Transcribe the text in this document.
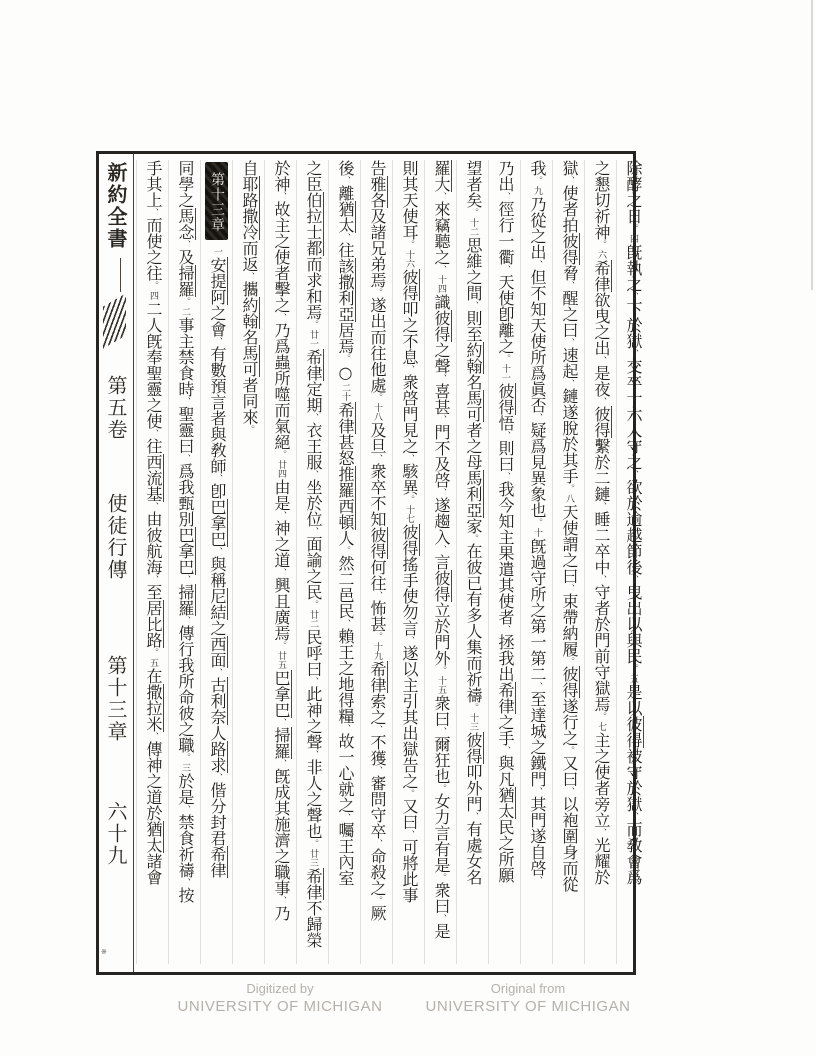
新約全書
第五卷
使徒行傳
第十三章
六十九
除酵之日。四旣執之、下於獄、交卒十六人守之、欲於逾越節後、曳出以與民。五是以彼得被守於獄、而敎會爲
之懇切祈神。六希律欲曳之出、是夜、彼得繫於二鏈、睡二卒中、守者於門前守獄焉。七主之使者旁立、光耀於
獄、使者拍彼得脅、醒之曰、速起、鏈遂脫於其手。八天使謂之曰、束帶納履。彼得遂行之。又曰、以袍圍身而從
我。九乃從之出、但不知天使所爲眞否、疑爲見異象也。十旣過守所之第一第二、至達城之鐵門、其門遂自啓、
乃出、徑行一衢、天使卽離之。十一彼得悟、則曰、我今知主果遣其使者、拯我出希律之手、與凡猶太民之所願
望者矣。十二思維之間、則至約翰名馬可者之母馬利亞家。在彼已有多人集而祈禱。十三彼得叩外門、有處女名
羅大、來竊聽之、十四識彼得之聲、喜甚、門不及啓、遂趨入、言彼得立於門外。十五衆曰、爾狂也。女力言有是。衆曰、是
則其天使耳。十六彼得叩之不息、衆啓門見之、駭異。十七彼得搖手使勿言、遂以主引其出獄告之。又曰、可將此事
告雅各及諸兄弟焉。遂出而往他處。十八及旦、衆卒不知彼得何往、怖甚。十九希律索之、不獲、審問守卒、命殺之。厥
後、離猶太、往該撒利亞居焉。○二十希律甚怒推羅西頓人。然二邑民、賴王之地得糧、故一心就之、囑王內室
之臣伯拉士都而求和焉。廿一希律定期、衣王服、坐於位、面諭之民。廿二民呼曰、此神之聲、非人之聲也。廿三希律不歸榮
於神、故主之使者擊之、乃爲蟲所噬而氣絕。廿四由是、神之道、興且廣焉。廿五巴拿巴、掃羅、旣成其施濟之職事、乃
自耶路撒冷而返、攜約翰名馬可者同來。
第十三章一安提阿之會、有數預言者與敎師、卽巴拿巴、與稱尼結之西面、古利奈人路求、偕分封君希律
同學之馬念、及掃羅。二事主禁食時、聖靈曰、爲我甄別巴拿巴、掃羅、傳行我所命彼之職。三於是、禁食祈禱、按
手其上、而使之往。四二人旣奉聖靈之使、往西流基、由彼航海、至居比路。五在撒拉米、傳神之道於猶太諸會
Digitized by
UNIVERSITY OF MICHIGAN
Original from
UNIVERSITY OF MICHIGAN
※
